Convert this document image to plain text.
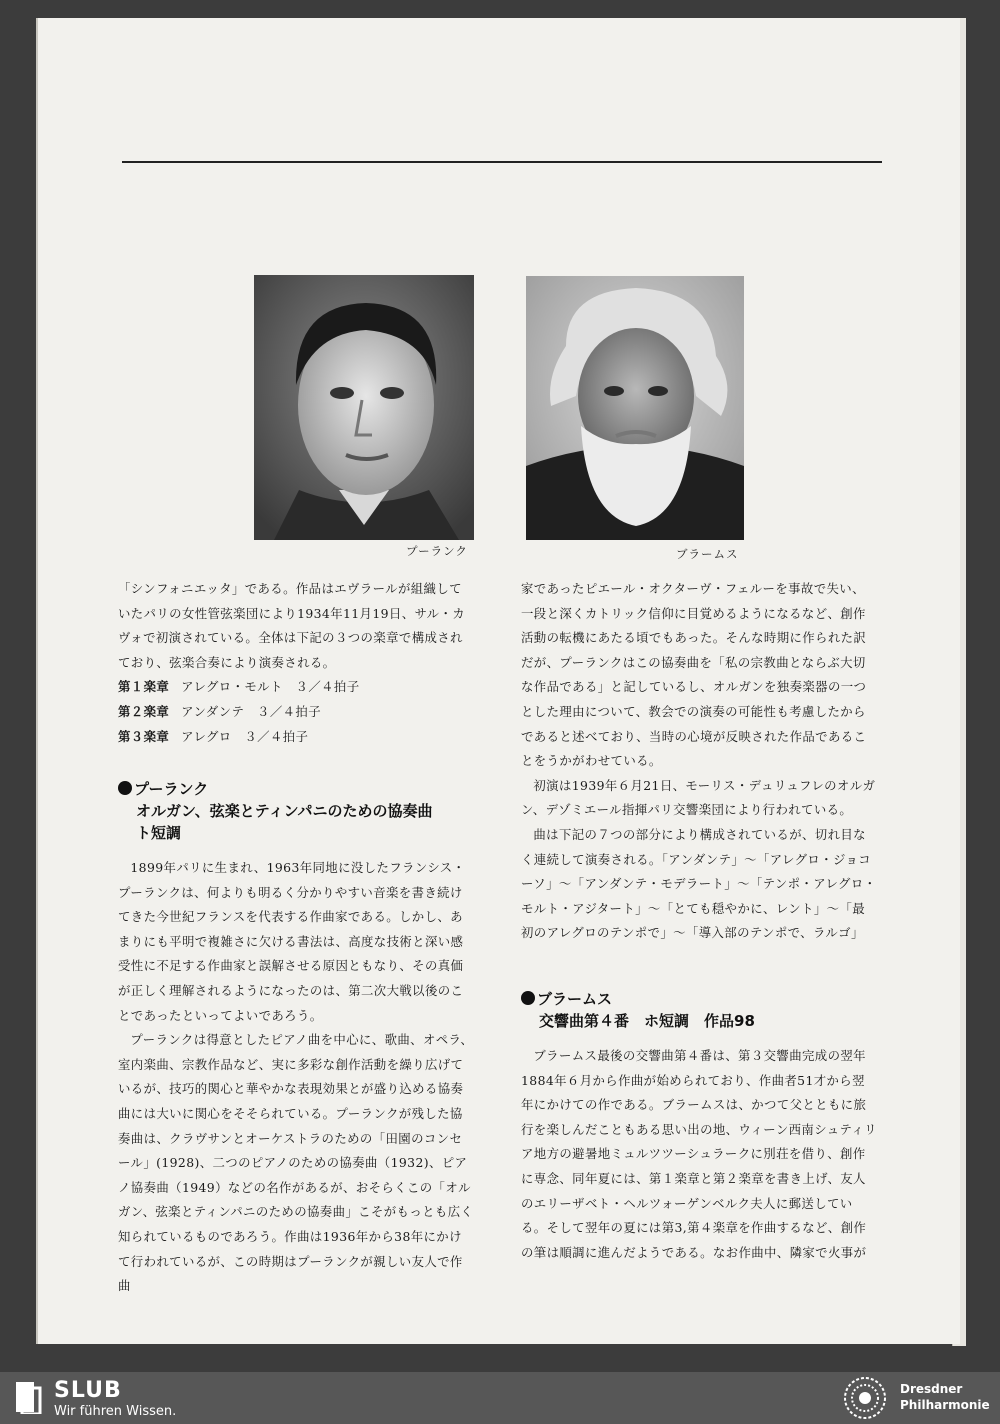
プーランク	ブラームス

「シンフォニエッタ」である。作品はエヴラールが組織していたパリの女性管弦楽団により1934年11月19日、サル・カヴォで初演されている。全体は下記の３つの楽章で構成されており、弦楽合奏により演奏される。

第１楽章 アレグロ・モルト　３／４拍子
第２楽章 アンダンテ　３／４拍子
第３楽章 アレグロ　３／４拍子
プーランク
オルガン、弦楽とティンパニのための協奏曲
ト短調

1899年パリに生まれ、1963年同地に没したフランシス・プーランクは、何よりも明るく分かりやすい音楽を書き続けてきた今世紀フランスを代表する作曲家である。しかし、あまりにも平明で複雑さに欠ける書法は、高度な技術と深い感受性に不足する作曲家と誤解させる原因ともなり、その真価が正しく理解されるようになったのは、第二次大戦以後のことであったといってよいであろう。

プーランクは得意としたピアノ曲を中心に、歌曲、オペラ、室内楽曲、宗教作品など、実に多彩な創作活動を繰り広げているが、技巧的関心と華やかな表現効果とが盛り込める協奏曲には大いに関心をそそられている。プーランクが残した協奏曲は、クラヴサンとオーケストラのための「田園のコンセール」(1928)、二つのピアノのための協奏曲（1932)、ピアノ協奏曲（1949）などの名作があるが、おそらくこの「オルガン、弦楽とティンパニのための協奏曲」こそがもっとも広く知られているものであろう。作曲は1936年から38年にかけて行われているが、この時期はプーランクが親しい友人で作曲

家であったピエール・オクターヴ・フェルーを事故で失い、一段と深くカトリック信仰に目覚めるようになるなど、創作活動の転機にあたる頃でもあった。そんな時期に作られた訳だが、プーランクはこの協奏曲を「私の宗教曲とならぶ大切な作品である」と記しているし、オルガンを独奏楽器の一つとした理由について、教会での演奏の可能性も考慮したからであると述べており、当時の心境が反映された作品であることをうかがわせている。

初演は1939年６月21日、モーリス・デュリュフレのオルガン、デゾミエール指揮パリ交響楽団により行われている。

曲は下記の７つの部分により構成されているが、切れ目なく連続して演奏される。「アンダンテ」～「アレグロ・ジョコーソ」～「アンダンテ・モデラート」～「テンポ・アレグロ・モルト・アジタート」～「とても穏やかに、レント」～「最初のアレグロのテンポで」～「導入部のテンポで、ラルゴ」

ブラームス
交響曲第４番　ホ短調　作品98

ブラームス最後の交響曲第４番は、第３交響曲完成の翌年1884年６月から作曲が始められており、作曲者51才から翌年にかけての作である。ブラームスは、かつて父とともに旅行を楽しんだこともある思い出の地、ウィーン西南シュティリア地方の避暑地ミュルツツーシュラークに別荘を借り、創作に専念、同年夏には、第１楽章と第２楽章を書き上げ、友人のエリーザベト・ヘルツォーゲンベルク夫人に郵送している。そして翌年の夏には第3,第４楽章を作曲するなど、創作の筆は順調に進んだようである。なお作曲中、隣家で火事が

SLUB
Wir führen Wissen.
Dresdner
Philharmonie
